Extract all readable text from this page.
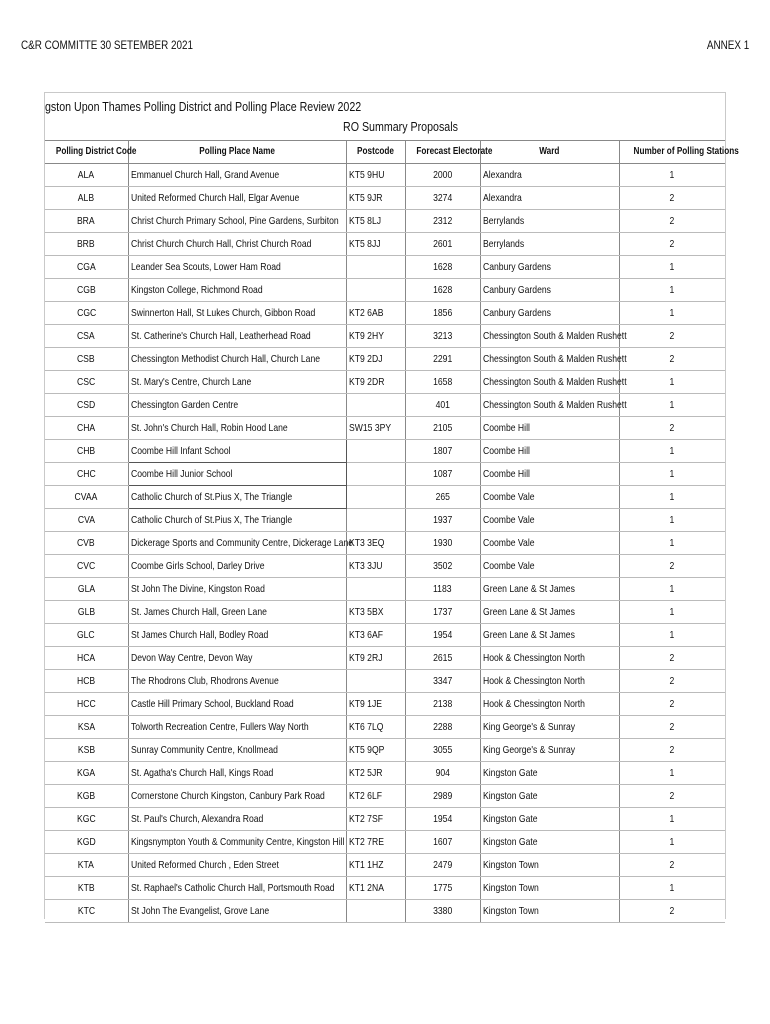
C&R COMMITTE 30 SETEMBER 2021	ANNEX 1
gston Upon Thames Polling District and Polling Place Review 2022
RO Summary Proposals
Polling District Code	Polling Place Name	Postcode	Forecast Electorate	Ward	Number of Polling Stations
ALA	Emmanuel Church Hall, Grand Avenue	KT5 9HU	2000	Alexandra	1
ALB	United Reformed Church Hall, Elgar Avenue	KT5 9JR	3274	Alexandra	2
BRA	Christ Church Primary School, Pine Gardens, Surbiton	KT5 8LJ	2312	Berrylands	2
BRB	Christ Church Church Hall, Christ Church Road	KT5 8JJ	2601	Berrylands	2
CGA	Leander Sea Scouts, Lower Ham Road		1628	Canbury Gardens	1
CGB	Kingston College, Richmond Road		1628	Canbury Gardens	1
CGC	Swinnerton Hall, St Lukes Church, Gibbon Road	KT2 6AB	1856	Canbury Gardens	1
CSA	St. Catherine's Church Hall, Leatherhead Road	KT9 2HY	3213	Chessington South & Malden Rushett	2
CSB	Chessington Methodist Church Hall, Church Lane	KT9 2DJ	2291	Chessington South & Malden Rushett	2
CSC	St. Mary's Centre, Church Lane	KT9 2DR	1658	Chessington South & Malden Rushett	1
CSD	Chessington Garden Centre		401	Chessington South & Malden Rushett	1
CHA	St. John's Church Hall, Robin Hood Lane	SW15 3PY	2105	Coombe Hill	2
CHB	Coombe Hill Infant School		1807	Coombe Hill	1
CHC	Coombe Hill Junior School		1087	Coombe Hill	1
CVAA	Catholic Church of St.Pius X, The Triangle		265	Coombe Vale	1
CVA	Catholic Church of St.Pius X, The Triangle		1937	Coombe Vale	1
CVB	Dickerage Sports and Community Centre, Dickerage Lane	KT3 3EQ	1930	Coombe Vale	1
CVC	Coombe Girls School, Darley Drive	KT3 3JU	3502	Coombe Vale	2
GLA	St John The Divine, Kingston Road		1183	Green Lane & St James	1
GLB	St. James Church Hall, Green Lane	KT3 5BX	1737	Green Lane & St James	1
GLC	St James Church Hall, Bodley Road	KT3 6AF	1954	Green Lane & St James	1
HCA	Devon Way Centre, Devon Way	KT9 2RJ	2615	Hook & Chessington North	2
HCB	The Rhodrons Club, Rhodrons Avenue		3347	Hook & Chessington North	2
HCC	Castle Hill Primary School, Buckland Road	KT9 1JE	2138	Hook & Chessington North	2
KSA	Tolworth Recreation Centre, Fullers Way North	KT6 7LQ	2288	King George's & Sunray	2
KSB	Sunray Community Centre, Knollmead	KT5 9QP	3055	King George's & Sunray	2
KGA	St. Agatha's Church Hall, Kings Road	KT2 5JR	904	Kingston Gate	1
KGB	Cornerstone Church Kingston, Canbury Park Road	KT2 6LF	2989	Kingston Gate	2
KGC	St. Paul's Church, Alexandra Road	KT2 7SF	1954	Kingston Gate	1
KGD	Kingsnympton Youth & Community Centre, Kingston Hill	KT2 7RE	1607	Kingston Gate	1
KTA	United Reformed Church , Eden Street	KT1 1HZ	2479	Kingston Town	2
KTB	St. Raphael's Catholic Church Hall, Portsmouth Road	KT1 2NA	1775	Kingston Town	1
KTC	St John The Evangelist, Grove Lane		3380	Kingston Town	2
